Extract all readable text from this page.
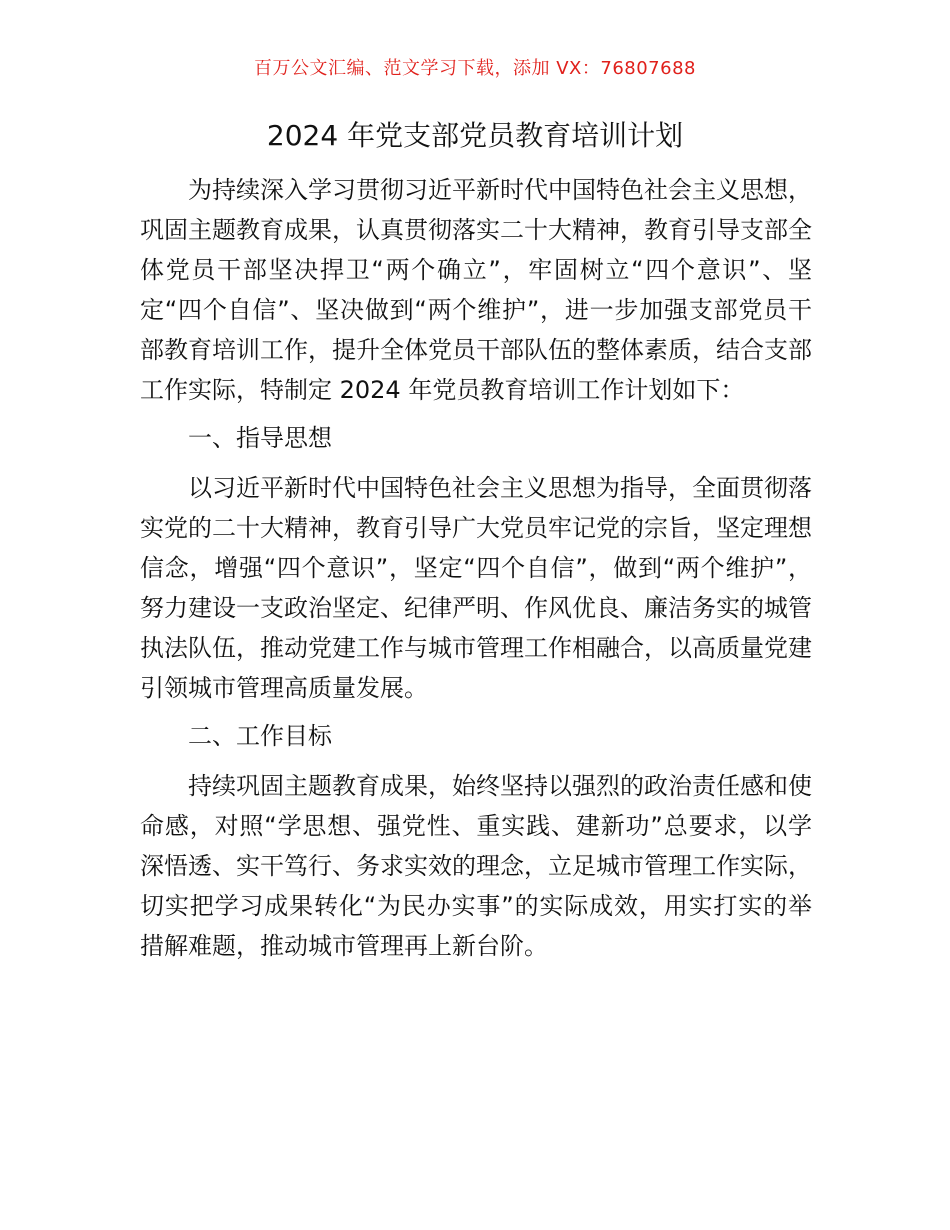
百万公文汇编、范文学习下载，添加 VX：76807688
2024 年党支部党员教育培训计划

为持续深入学习贯彻习近平新时代中国特色社会主义思想，巩固主题教育成果，认真贯彻落实二十大精神，教育引导支部全体党员干部坚决捍卫“两个确立”，牢固树立“四个意识”、坚定“四个自信”、坚决做到“两个维护”，进一步加强支部党员干部教育培训工作，提升全体党员干部队伍的整体素质，结合支部工作实际，特制定 2024 年党员教育培训工作计划如下：

一、指导思想

以习近平新时代中国特色社会主义思想为指导，全面贯彻落实党的二十大精神，教育引导广大党员牢记党的宗旨，坚定理想信念，增强“四个意识”，坚定“四个自信”，做到“两个维护”，努力建设一支政治坚定、纪律严明、作风优良、廉洁务实的城管执法队伍，推动党建工作与城市管理工作相融合，以高质量党建引领城市管理高质量发展。

二、工作目标

持续巩固主题教育成果，始终坚持以强烈的政治责任感和使命感，对照“学思想、强党性、重实践、建新功”总要求，以学深悟透、实干笃行、务求实效的理念，立足城市管理工作实际，切实把学习成果转化“为民办实事”的实际成效，用实打实的举措解难题，推动城市管理再上新台阶。
